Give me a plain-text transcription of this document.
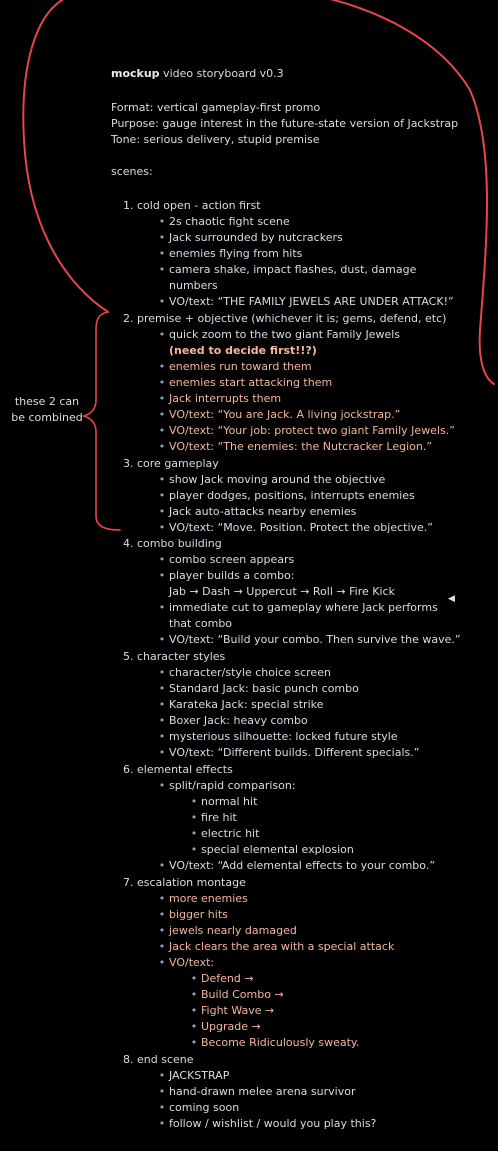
these 2 can
be combined
◀
mockup video storyboard v0.3
Format: vertical gameplay-first promo
Purpose: gauge interest in the future-state version of Jackstrap
Tone: serious delivery, stupid premise
scenes:
1. cold open - action first
• 2s chaotic fight scene
• Jack surrounded by nutcrackers
• enemies flying from hits
• camera shake, impact flashes, dust, damage
numbers
• VO/text: “THE FAMILY JEWELS ARE UNDER ATTACK!”
2. premise + objective (whichever it is; gems, defend, etc)
• quick zoom to the two giant Family Jewels
(need to decide first!!?)
• enemies run toward them
• enemies start attacking them
• Jack interrupts them
• VO/text: “You are Jack. A living jockstrap.”
• VO/text: “Your job: protect two giant Family Jewels.”
• VO/text: “The enemies: the Nutcracker Legion.”
3. core gameplay
• show Jack moving around the objective
• player dodges, positions, interrupts enemies
• Jack auto-attacks nearby enemies
• VO/text: “Move. Position. Protect the objective.”
4. combo building
• combo screen appears
• player builds a combo:
Jab → Dash → Uppercut → Roll → Fire Kick
• immediate cut to gameplay where Jack performs
that combo
• VO/text: “Build your combo. Then survive the wave.”
5. character styles
• character/style choice screen
• Standard Jack: basic punch combo
• Karateka Jack: special strike
• Boxer Jack: heavy combo
• mysterious silhouette: locked future style
• VO/text: “Different builds. Different specials.”
6. elemental effects
• split/rapid comparison:
• normal hit
• fire hit
• electric hit
• special elemental explosion
• VO/text: “Add elemental effects to your combo.”
7. escalation montage
• more enemies
• bigger hits
• jewels nearly damaged
• Jack clears the area with a special attack
• VO/text:
• Defend →
• Build Combo →
• Fight Wave →
• Upgrade →
• Become Ridiculously sweaty.
8. end scene
• JACKSTRAP
• hand-drawn melee arena survivor
• coming soon
• follow / wishlist / would you play this?
